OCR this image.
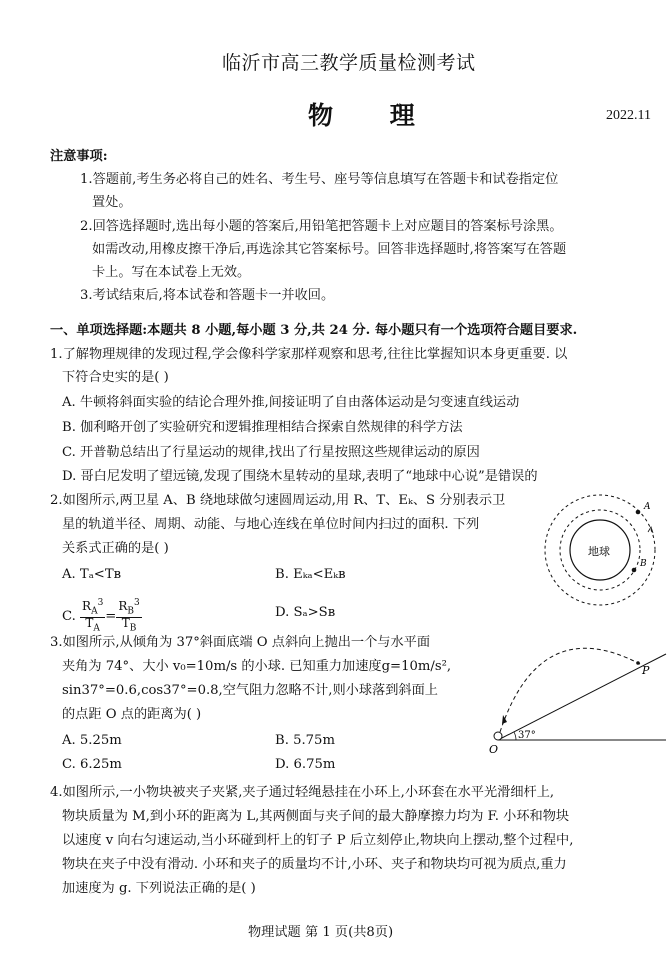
临沂市高三教学质量检测考试
物 理	2022.11
注意事项:
1.答题前,考生务必将自己的姓名、考生号、座号等信息填写在答题卡和试卷指定位
置处。
2.回答选择题时,选出每小题的答案后,用铅笔把答题卡上对应题目的答案标号涂黑。
如需改动,用橡皮擦干净后,再选涂其它答案标号。回答非选择题时,将答案写在答题
卡上。写在本试卷上无效。
3.考试结束后,将本试卷和答题卡一并收回。
一、单项选择题:本题共 8 小题,每小题 3 分,共 24 分. 每小题只有一个选项符合题目要求.
1.了解物理规律的发现过程,学会像科学家那样观察和思考,往往比掌握知识本身更重要. 以
下符合史实的是( )
A. 牛顿将斜面实验的结论合理外推,间接证明了自由落体运动是匀变速直线运动
B. 伽利略开创了实验研究和逻辑推理相结合探索自然规律的科学方法
C. 开普勒总结出了行星运动的规律,找出了行星按照这些规律运动的原因
D. 哥白尼发明了望远镜,发现了围绕木星转动的星球,表明了“地球中心说”是错误的
2.如图所示,两卫星 A、B 绕地球做匀速圆周运动,用 R、T、Eₖ、S 分别表示卫
星的轨道半径、周期、动能、与地心连线在单位时间内扫过的面积. 下列
关系式正确的是( )
A. Tₐ<Tʙ	B. Eₖₐ<Eₖʙ
C. $\frac{R_A^3}{T_A} = \frac{R_B^3}{T_B}$	D. Sₐ>Sʙ
地球
A
B
3.如图所示,从倾角为 37°斜面底端 O 点斜向上抛出一个与水平面
夹角为 74°、大小 v₀=10m/s 的小球. 已知重力加速度g=10m/s²,
sin37°=0.6,cos37°=0.8,空气阻力忽略不计,则小球落到斜面上
的点距 O 点的距离为( )
A. 5.25m	B. 5.75m
C. 6.25m	D. 6.75m
P
O
37°
4.如图所示,一小物块被夹子夹紧,夹子通过轻绳悬挂在小环上,小环套在水平光滑细杆上,
物块质量为 M,到小环的距离为 L,其两侧面与夹子间的最大静摩擦力均为 F. 小环和物块
以速度 v 向右匀速运动,当小环碰到杆上的钉子 P 后立刻停止,物块向上摆动,整个过程中,
物块在夹子中没有滑动. 小环和夹子的质量均不计,小环、夹子和物块均可视为质点,重力
加速度为 g. 下列说法正确的是( )
物理试题 第 1 页(共8页)
